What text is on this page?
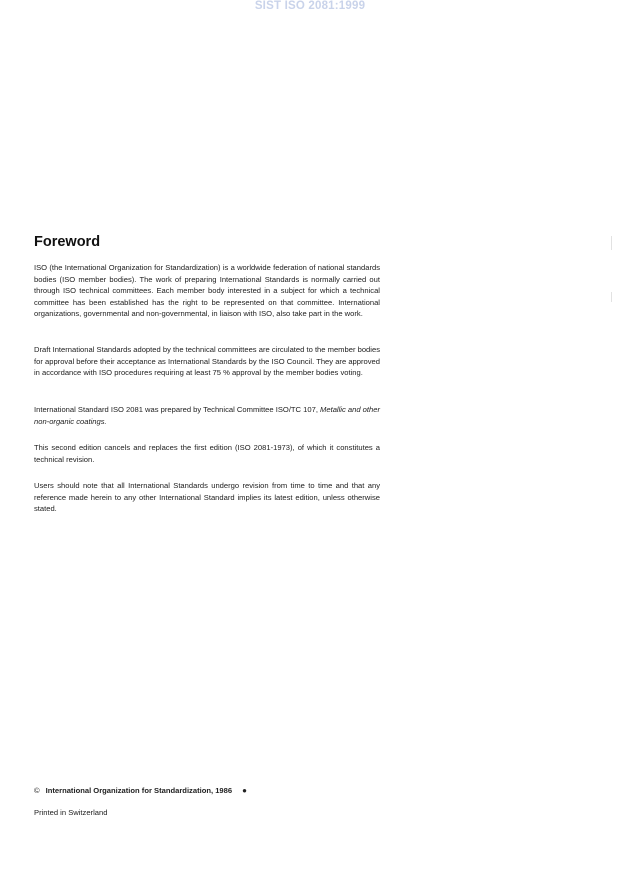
SIST ISO 2081:1999
Foreword

ISO (the International Organization for Standardization) is a worldwide federation of national standards bodies (ISO member bodies). The work of preparing International Standards is normally carried out through ISO technical committees. Each member body interested in a subject for which a technical committee has been established has the right to be represented on that committee. International organizations, governmental and non-governmental, in liaison with ISO, also take part in the work.

Draft International Standards adopted by the technical committees are circulated to the member bodies for approval before their acceptance as International Standards by the ISO Council. They are approved in accordance with ISO procedures requiring at least 75 % approval by the member bodies voting.

International Standard ISO 2081 was prepared by Technical Committee ISO/TC 107, Metallic and other non-organic coatings.

This second edition cancels and replaces the first edition (ISO 2081-1973), of which it constitutes a technical revision.

Users should note that all International Standards undergo revision from time to time and that any reference made herein to any other International Standard implies its latest edition, unless otherwise stated.

© International Organization for Standardization, 1986 ●
Printed in Switzerland
